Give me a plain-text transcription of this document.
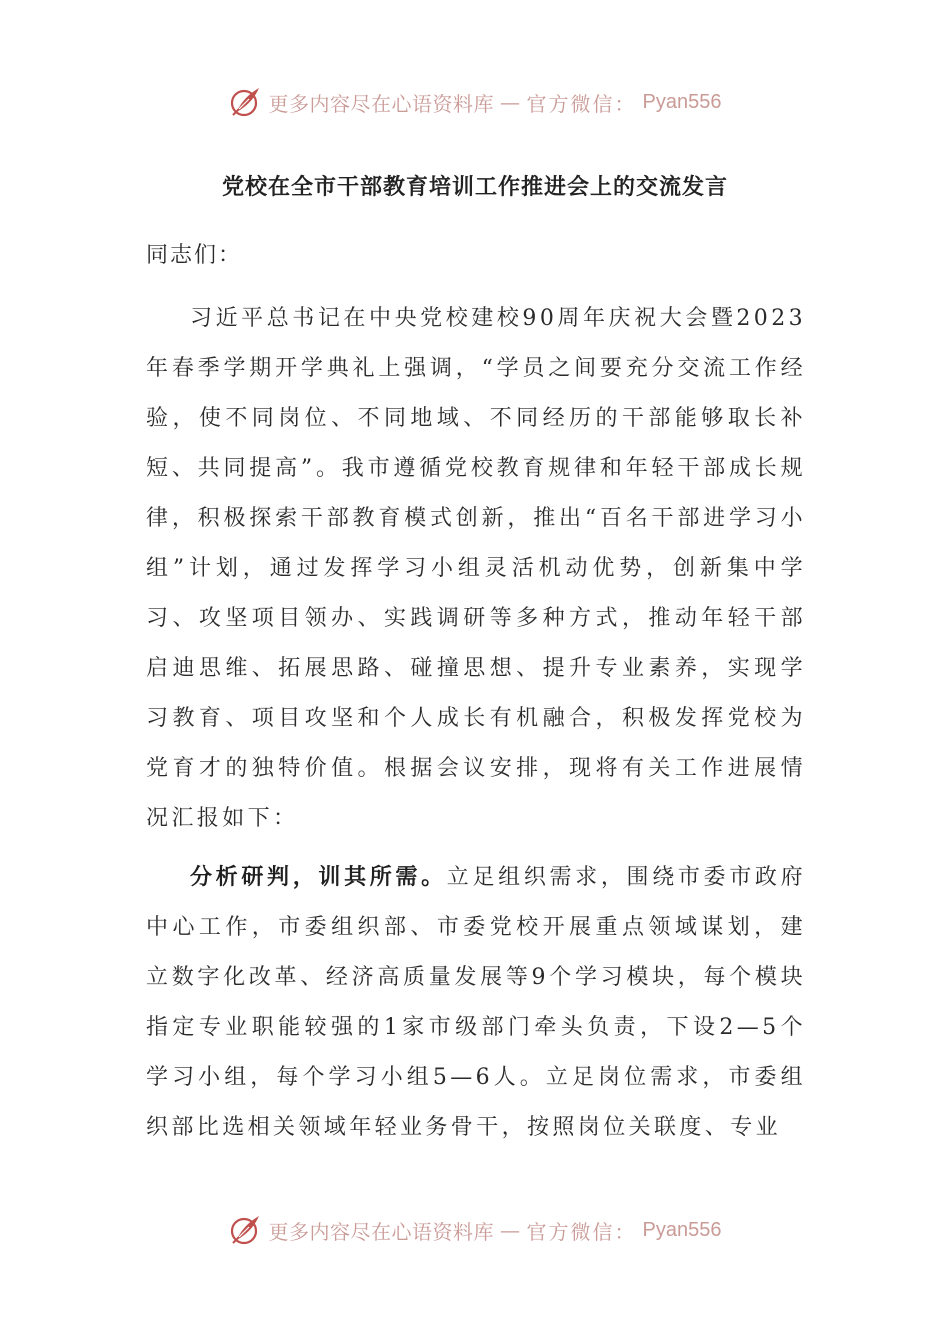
更多内容尽在心语资料库 — 官方微信： Pyan556
党校在全市干部教育培训工作推进会上的交流发言

同志们：

习近平总书记在中央党校建校90周年庆祝大会暨2023年春季学期开学典礼上强调，“学员之间要充分交流工作经验，使不同岗位、不同地域、不同经历的干部能够取长补短、共同提高”。我市遵循党校教育规律和年轻干部成长规律，积极探索干部教育模式创新，推出“百名干部进学习小组”计划，通过发挥学习小组灵活机动优势，创新集中学习、攻坚项目领办、实践调研等多种方式，推动年轻干部启迪思维、拓展思路、碰撞思想、提升专业素养，实现学习教育、项目攻坚和个人成长有机融合，积极发挥党校为党育才的独特价值。根据会议安排，现将有关工作进展情况汇报如下：

分析研判，训其所需。立足组织需求，围绕市委市政府中心工作，市委组织部、市委党校开展重点领域谋划，建立数字化改革、经济高质量发展等9个学习模块，每个模块指定专业职能较强的1家市级部门牵头负责，下设2—5个学习小组，每个学习小组5—6人。立足岗位需求，市委组织部比选相关领域年轻业务骨干，按照岗位关联度、专业

更多内容尽在心语资料库 — 官方微信： Pyan556
